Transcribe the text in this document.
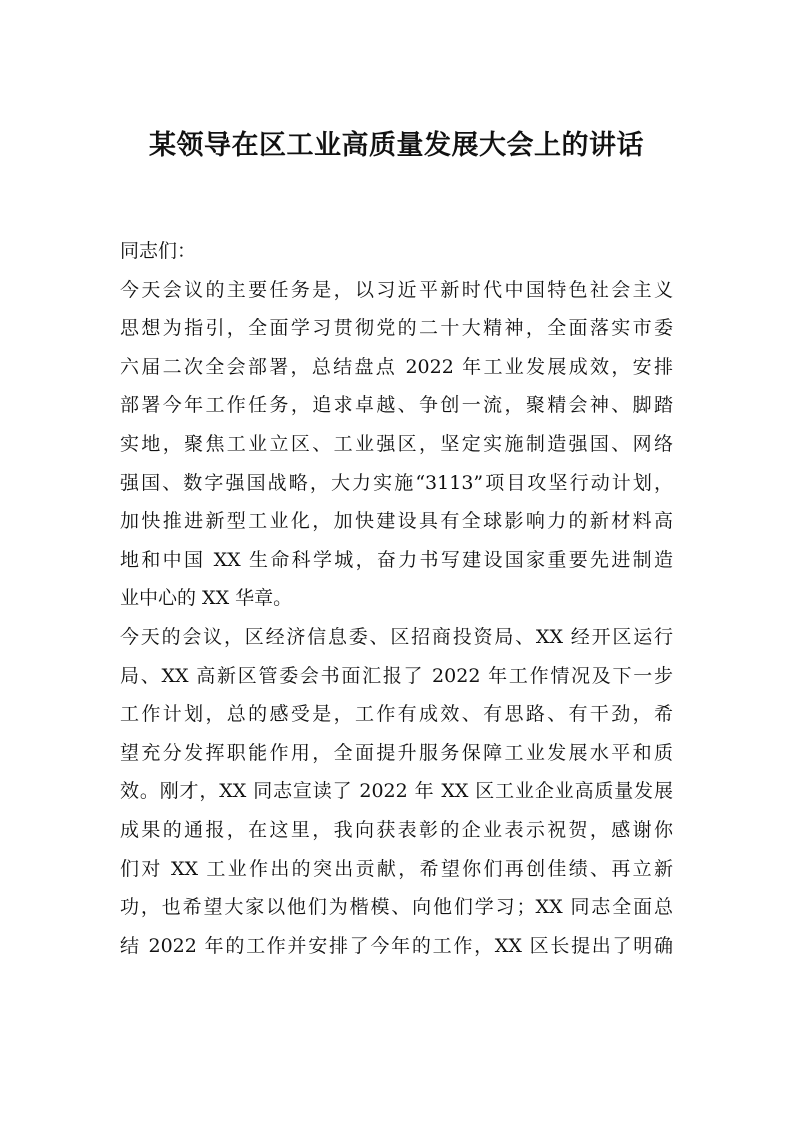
某领导在区工业高质量发展大会上的讲话
同志们：
今天会议的主要任务是，以习近平新时代中国特色社会主义
思想为指引，全面学习贯彻党的二十大精神，全面落实市委
六届二次全会部署，总结盘点 2022 年工业发展成效，安排
部署今年工作任务，追求卓越、争创一流，聚精会神、脚踏
实地，聚焦工业立区、工业强区，坚定实施制造强国、网络
强国、数字强国战略，大力实施“3113”项目攻坚行动计划，
加快推进新型工业化，加快建设具有全球影响力的新材料高
地和中国 XX 生命科学城，奋力书写建设国家重要先进制造
业中心的 XX 华章。
今天的会议，区经济信息委、区招商投资局、XX 经开区运行
局、XX 高新区管委会书面汇报了 2022 年工作情况及下一步
工作计划，总的感受是，工作有成效、有思路、有干劲，希
望充分发挥职能作用，全面提升服务保障工业发展水平和质
效。刚才，XX 同志宣读了 2022 年 XX 区工业企业高质量发展
成果的通报，在这里，我向获表彰的企业表示祝贺，感谢你
们对 XX 工业作出的突出贡献，希望你们再创佳绩、再立新
功，也希望大家以他们为楷模、向他们学习；XX 同志全面总
结 2022 年的工作并安排了今年的工作，XX 区长提出了明确
